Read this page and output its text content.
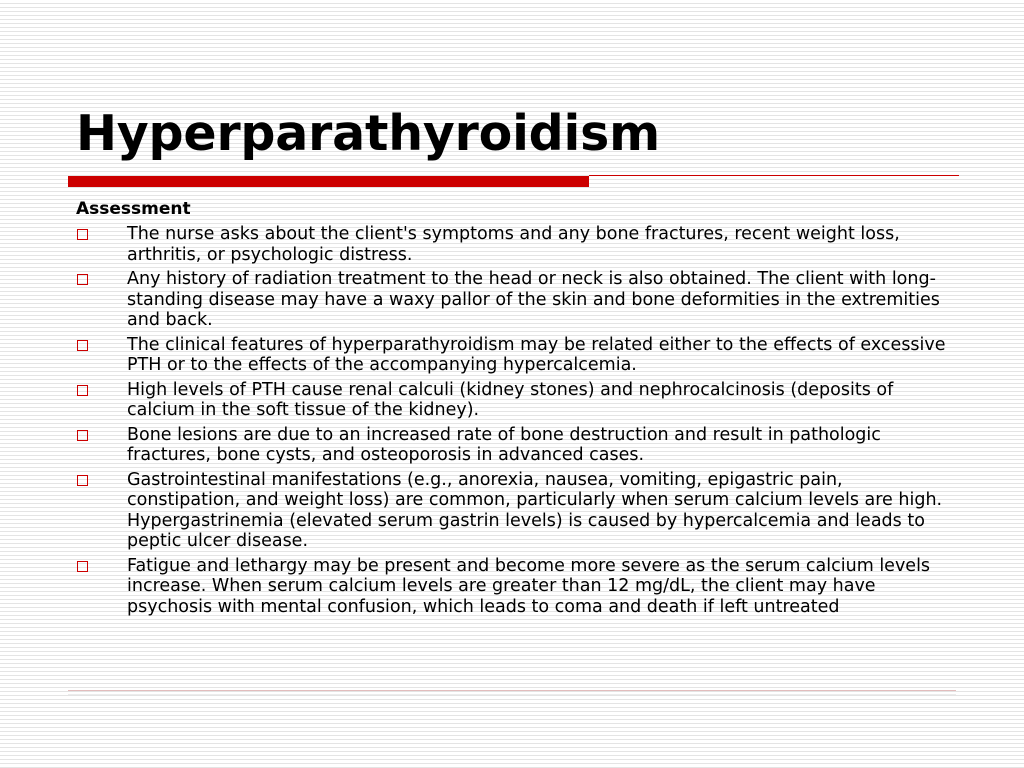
Hyperparathyroidism
Assessment
The nurse asks about the client's symptoms and any bone fractures, recent weight loss, arthritis, or psychologic distress.
Any history of radiation treatment to the head or neck is also obtained. The client with long-standing disease may have a waxy pallor of the skin and bone deformities in the extremities and back.
The clinical features of hyperparathyroidism may be related either to the effects of excessive PTH or to the effects of the accompanying hypercalcemia.
High levels of PTH cause renal calculi (kidney stones) and nephrocalcinosis (deposits of calcium in the soft tissue of the kidney).
Bone lesions are due to an increased rate of bone destruction and result in pathologic fractures, bone cysts, and osteoporosis in advanced cases.
Gastrointestinal manifestations (e.g., anorexia, nausea, vomiting, epigastric pain, constipation, and weight loss) are common, particularly when serum calcium levels are high. Hypergastrinemia (elevated serum gastrin levels) is caused by hypercalcemia and leads to peptic ulcer disease.
Fatigue and lethargy may be present and become more severe as the serum calcium levels increase. When serum calcium levels are greater than 12 mg/dL, the client may have psychosis with mental confusion, which leads to coma and death if left untreated
